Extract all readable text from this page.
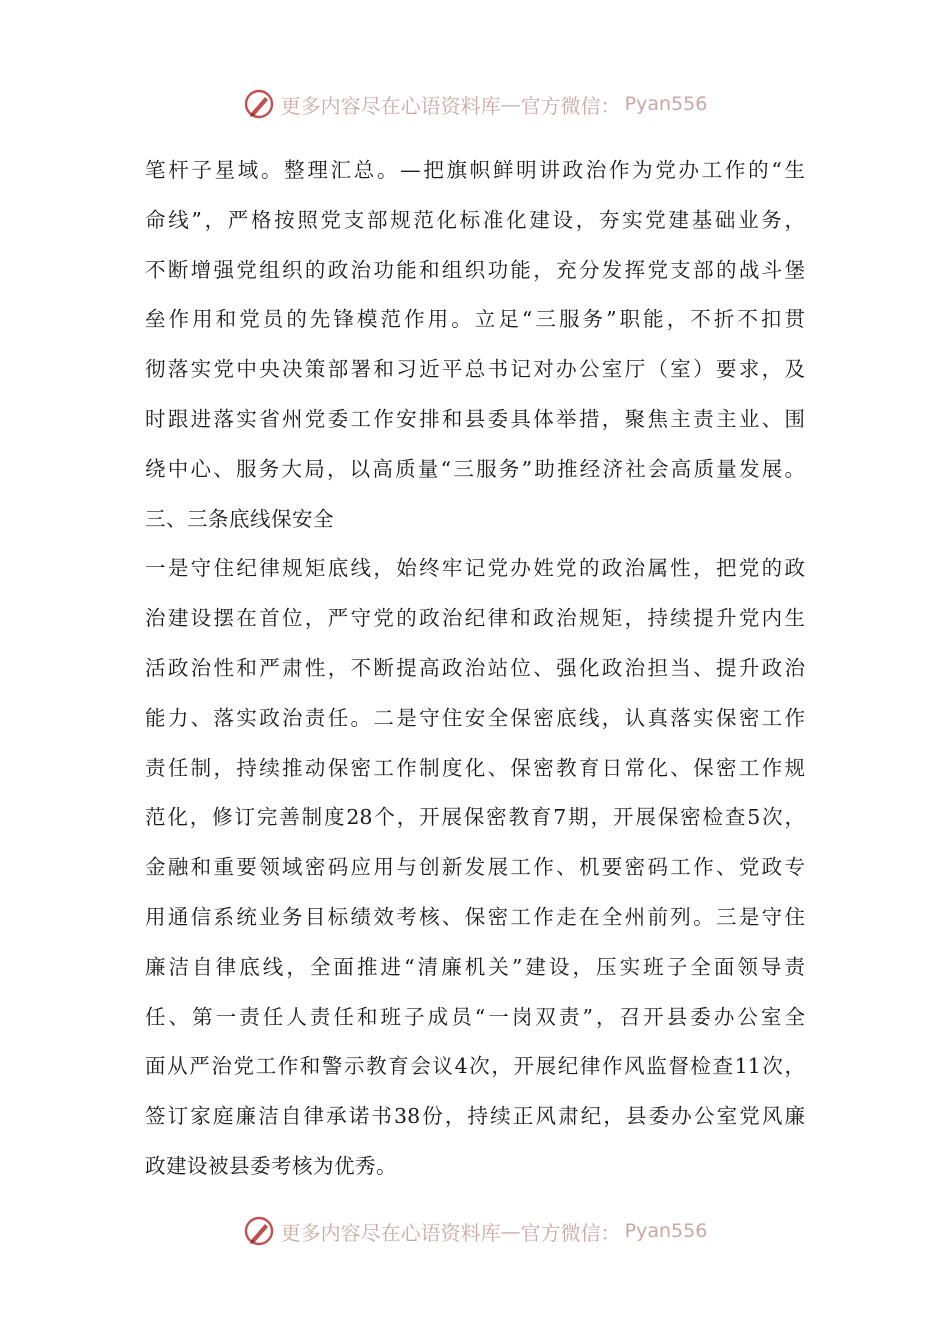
更多内容尽在心语资料库 — 官方微信： Pyan556
笔杆子星域。整理汇总。—把旗帜鲜明讲政治作为党办工作的“生
命线”，严格按照党支部规范化标准化建设，夯实党建基础业务，
不断增强党组织的政治功能和组织功能，充分发挥党支部的战斗堡
垒作用和党员的先锋模范作用。立足“三服务”职能，不折不扣贯
彻落实党中央决策部署和习近平总书记对办公室厅（室）要求，及
时跟进落实省州党委工作安排和县委具体举措，聚焦主责主业、围
绕中心、服务大局，以高质量“三服务”助推经济社会高质量发展。
三、三条底线保安全
一是守住纪律规矩底线，始终牢记党办姓党的政治属性，把党的政
治建设摆在首位，严守党的政治纪律和政治规矩，持续提升党内生
活政治性和严肃性，不断提高政治站位、强化政治担当、提升政治
能力、落实政治责任。二是守住安全保密底线，认真落实保密工作
责任制，持续推动保密工作制度化、保密教育日常化、保密工作规
范化，修订完善制度28个，开展保密教育7期，开展保密检查5次，
金融和重要领域密码应用与创新发展工作、机要密码工作、党政专
用通信系统业务目标绩效考核、保密工作走在全州前列。三是守住
廉洁自律底线，全面推进“清廉机关”建设，压实班子全面领导责
任、第一责任人责任和班子成员“一岗双责”，召开县委办公室全
面从严治党工作和警示教育会议4次，开展纪律作风监督检查11次，
签订家庭廉洁自律承诺书38份，持续正风肃纪，县委办公室党风廉
政建设被县委考核为优秀。
更多内容尽在心语资料库 — 官方微信： Pyan556
